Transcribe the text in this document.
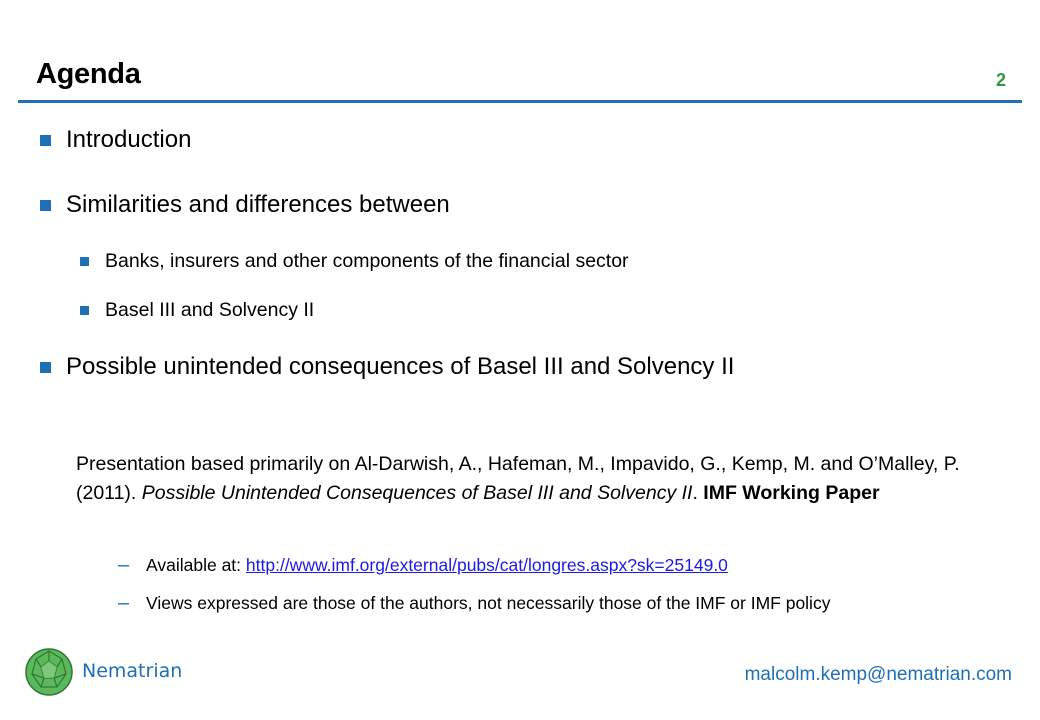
Agenda	2
Introduction
Similarities and differences between
Banks, insurers and other components of the financial sector
Basel III and Solvency II
Possible unintended consequences of Basel III and Solvency II
Presentation based primarily on Al-Darwish, A., Hafeman, M., Impavido, G., Kemp, M. and O’Malley, P. (2011). Possible Unintended Consequences of Basel III and Solvency II. IMF Working Paper
– Available at:
http://www.imf.org/external/pubs/cat/longres.aspx?sk=25149.0
– Views expressed are those of the authors, not necessarily those of the IMF or IMF policy
Nematrian	malcolm.kemp@nematrian.com
